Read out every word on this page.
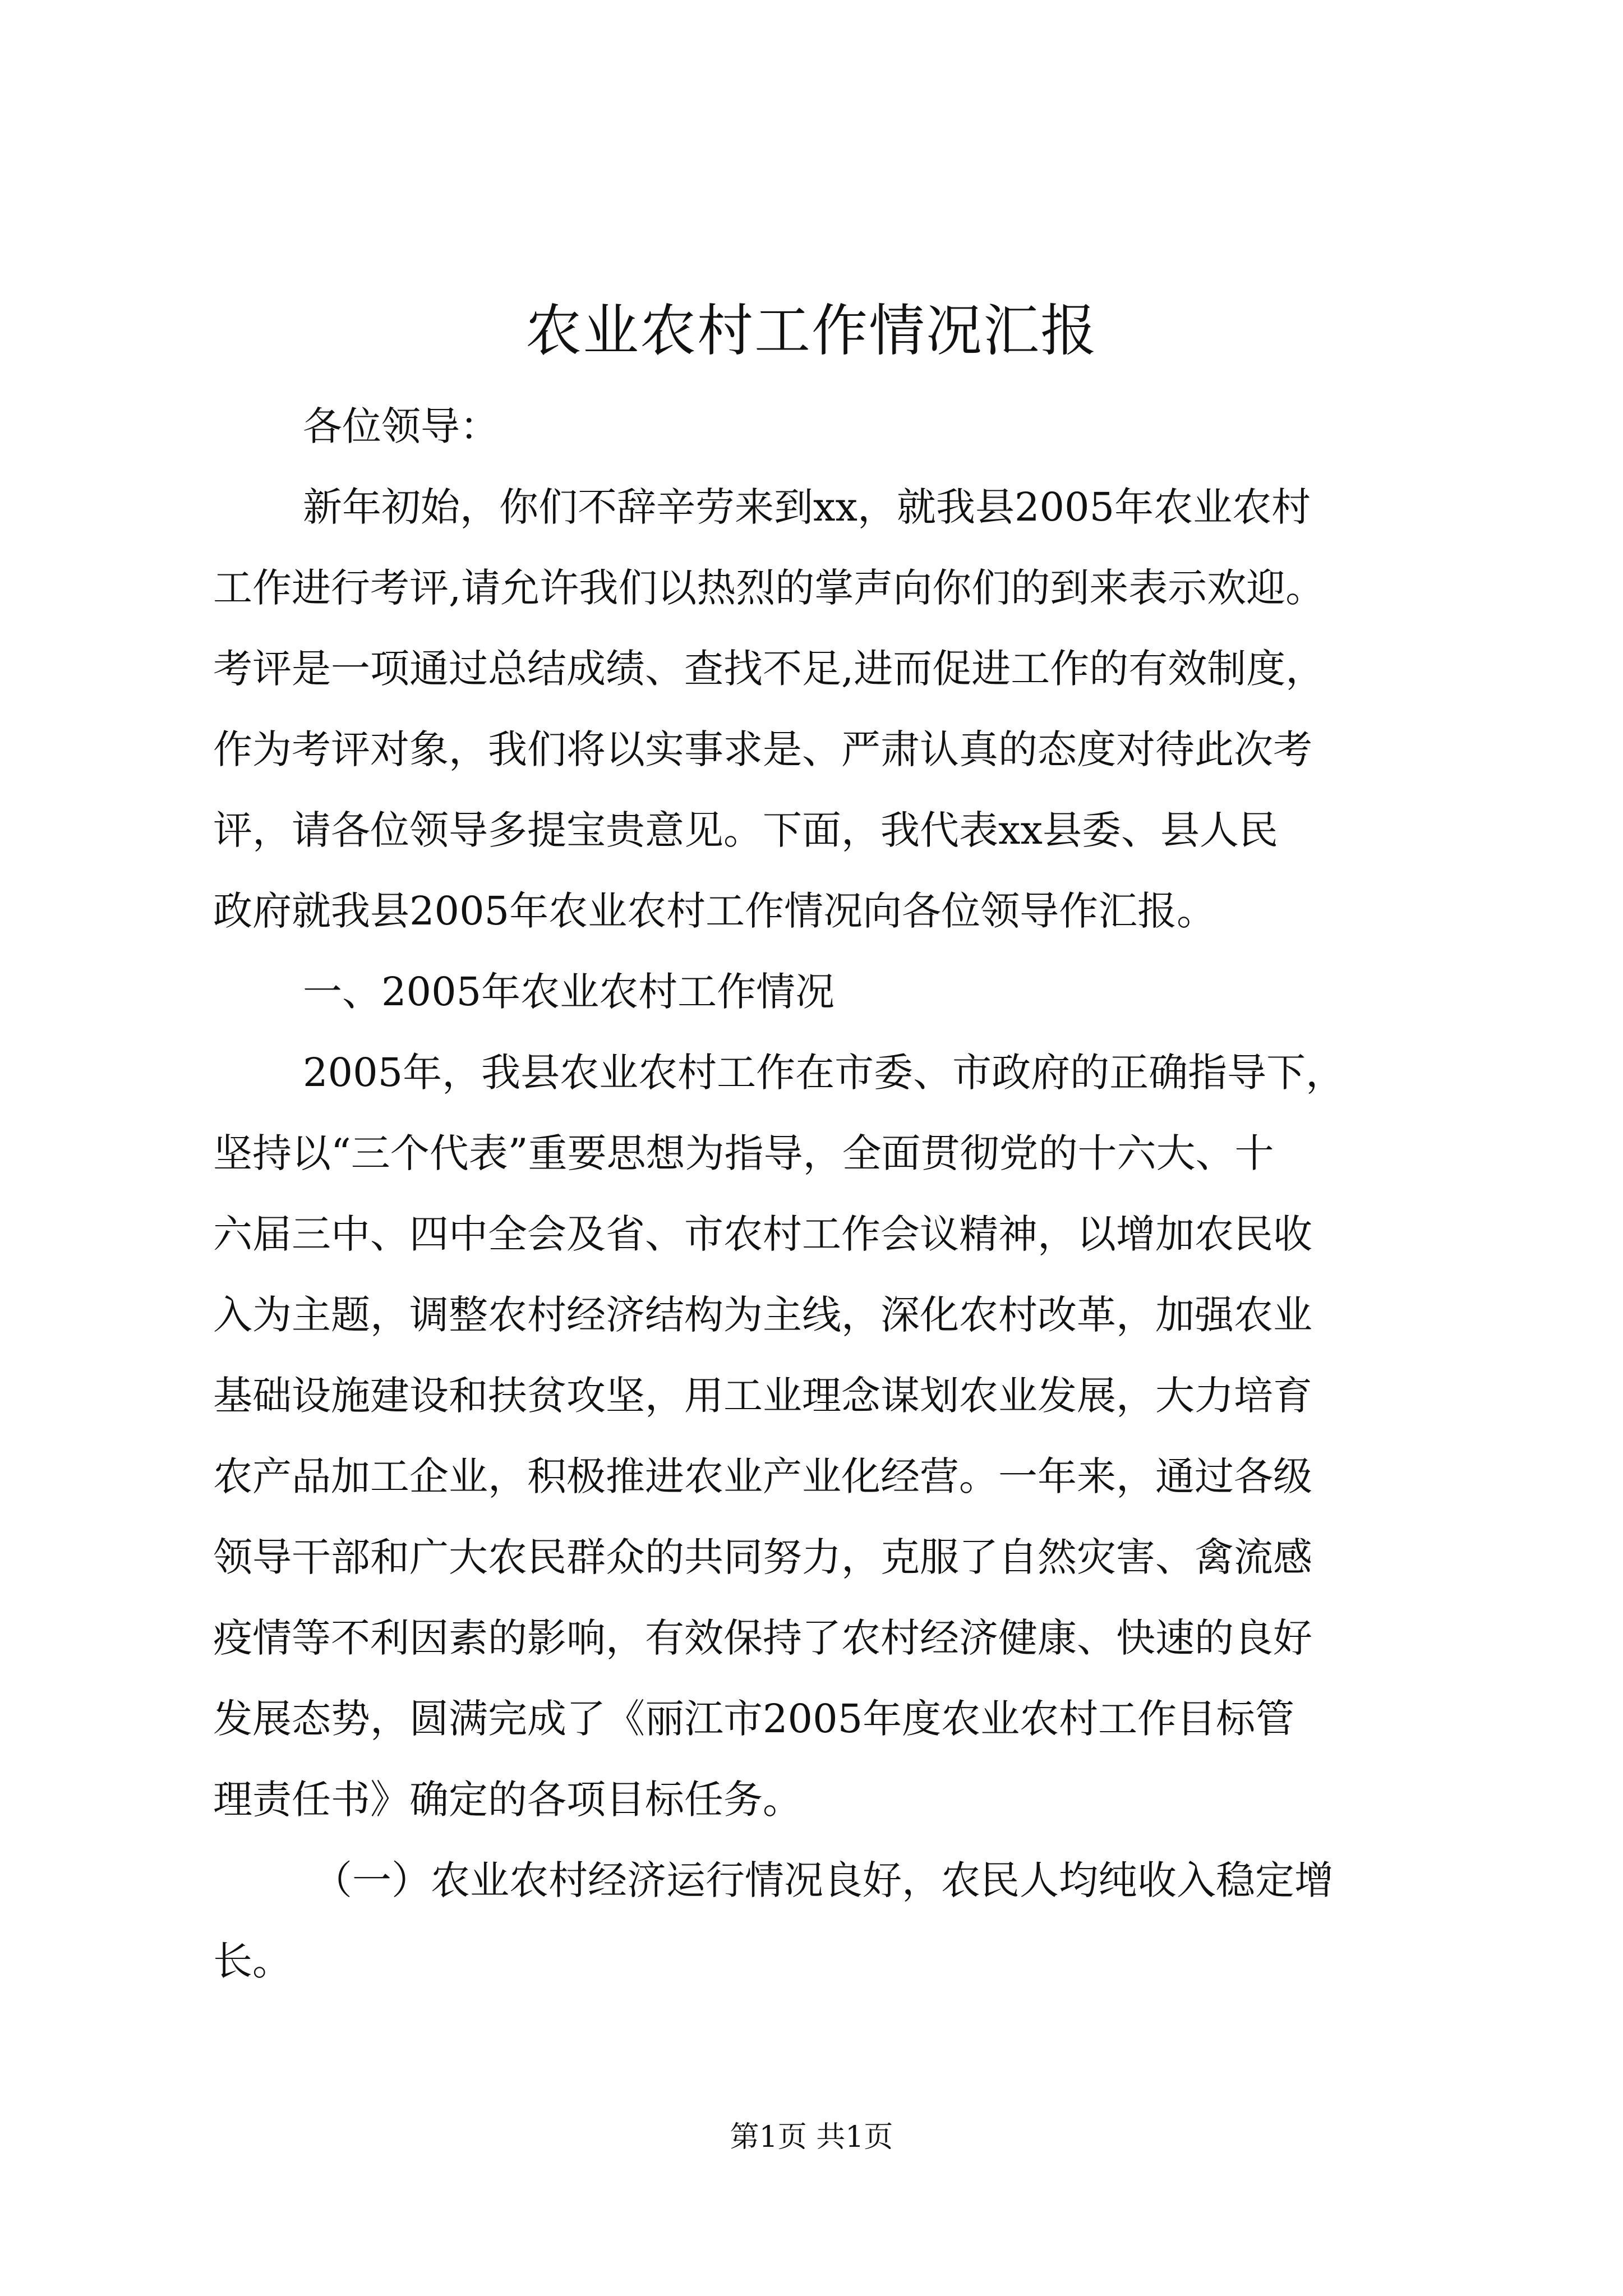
农业农村工作情况汇报

各位领导：

新年初始，你们不辞辛劳来到xx，就我县2005年农业农村

工作进行考评,请允许我们以热烈的掌声向你们的到来表示欢迎。

考评是一项通过总结成绩、查找不足,进而促进工作的有效制度，

作为考评对象，我们将以实事求是、严肃认真的态度对待此次考

评，请各位领导多提宝贵意见。下面，我代表xx县委、县人民

政府就我县2005年农业农村工作情况向各位领导作汇报。

一、2005年农业农村工作情况

2005年，我县农业农村工作在市委、市政府的正确指导下，

坚持以“三个代表”重要思想为指导，全面贯彻党的十六大、十

六届三中、四中全会及省、市农村工作会议精神，以增加农民收

入为主题，调整农村经济结构为主线，深化农村改革，加强农业

基础设施建设和扶贫攻坚，用工业理念谋划农业发展，大力培育

农产品加工企业，积极推进农业产业化经营。一年来，通过各级

领导干部和广大农民群众的共同努力，克服了自然灾害、禽流感

疫情等不利因素的影响，有效保持了农村经济健康、快速的良好

发展态势，圆满完成了《丽江市2005年度农业农村工作目标管

理责任书》确定的各项目标任务。

（一）农业农村经济运行情况良好，农民人均纯收入稳定增

长。

第1页 共1页
